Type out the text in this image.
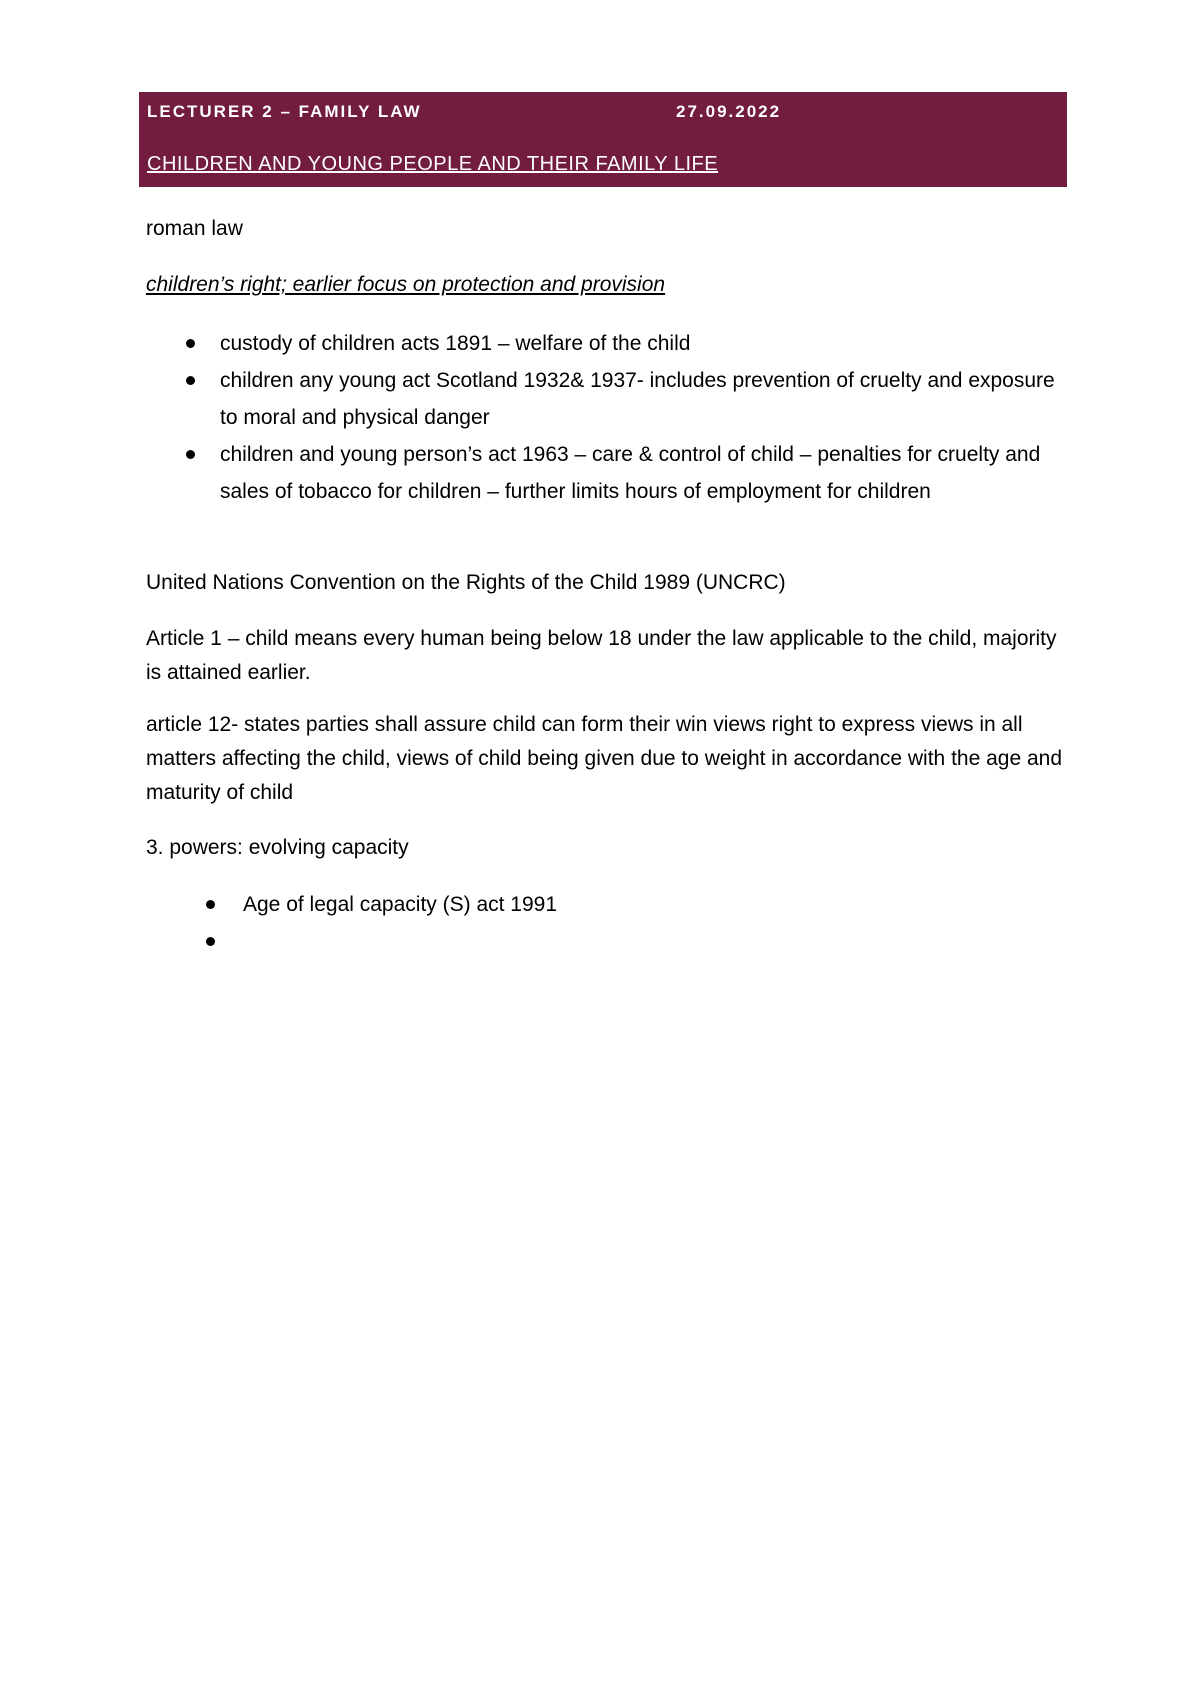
LECTURER 2 – FAMILY LAW	27.09.2022
CHILDREN AND YOUNG PEOPLE AND THEIR FAMILY LIFE
roman law
children’s right; earlier focus on protection and provision
custody of children acts 1891 – welfare of the child
children any young act Scotland 1932& 1937- includes prevention of cruelty and exposure to moral and physical danger
children and young person’s act 1963 – care & control of child – penalties for cruelty and sales of tobacco for children – further limits hours of employment for children
United Nations Convention on the Rights of the Child 1989 (UNCRC)
Article 1 – child means every human being below 18 under the law applicable to the child, majority is attained earlier.
article 12- states parties shall assure child can form their win views right to express views in all matters affecting the child, views of child being given due to weight in accordance with the age and maturity of child
3. powers: evolving capacity
Age of legal capacity (S) act 1991
